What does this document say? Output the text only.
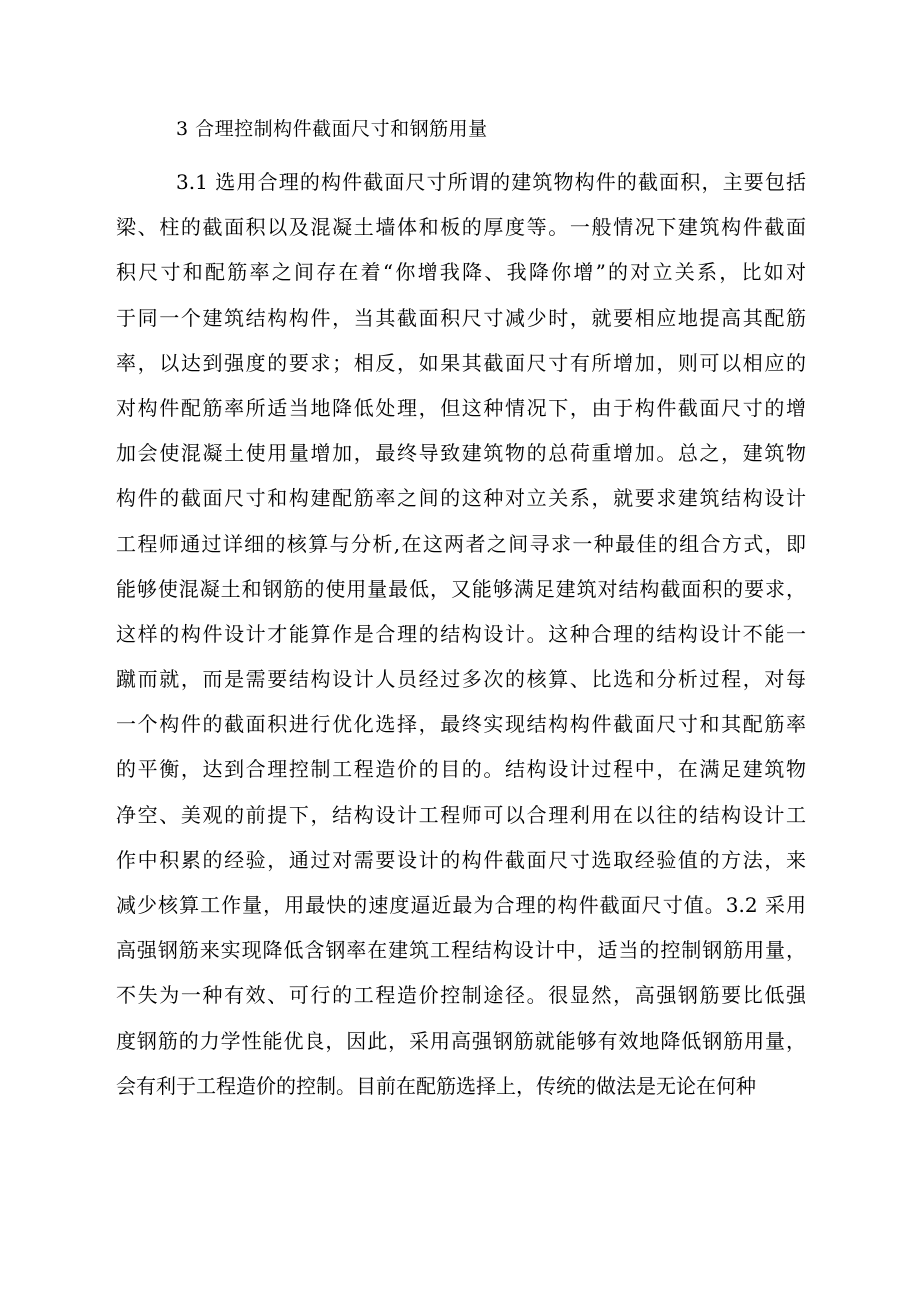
3 合理控制构件截面尺寸和钢筋用量
3.1 选用合理的构件截面尺寸所谓的建筑物构件的截面积，主要包括
梁、柱的截面积以及混凝土墙体和板的厚度等。一般情况下建筑构件截面
积尺寸和配筋率之间存在着“你增我降、我降你增”的对立关系，比如对
于同一个建筑结构构件，当其截面积尺寸减少时，就要相应地提高其配筋
率，以达到强度的要求；相反，如果其截面尺寸有所增加，则可以相应的
对构件配筋率所适当地降低处理，但这种情况下，由于构件截面尺寸的增
加会使混凝土使用量增加，最终导致建筑物的总荷重增加。总之，建筑物
构件的截面尺寸和构建配筋率之间的这种对立关系，就要求建筑结构设计
工程师通过详细的核算与分析,在这两者之间寻求一种最佳的组合方式，即
能够使混凝土和钢筋的使用量最低，又能够满足建筑对结构截面积的要求，
这样的构件设计才能算作是合理的结构设计。这种合理的结构设计不能一
蹴而就，而是需要结构设计人员经过多次的核算、比选和分析过程，对每
一个构件的截面积进行优化选择，最终实现结构构件截面尺寸和其配筋率
的平衡，达到合理控制工程造价的目的。结构设计过程中，在满足建筑物
净空、美观的前提下，结构设计工程师可以合理利用在以往的结构设计工
作中积累的经验，通过对需要设计的构件截面尺寸选取经验值的方法，来
减少核算工作量，用最快的速度逼近最为合理的构件截面尺寸值。3.2 采用
高强钢筋来实现降低含钢率在建筑工程结构设计中，适当的控制钢筋用量，
不失为一种有效、可行的工程造价控制途径。很显然，高强钢筋要比低强
度钢筋的力学性能优良，因此，采用高强钢筋就能够有效地降低钢筋用量，
会有利于工程造价的控制。目前在配筋选择上，传统的做法是无论在何种
